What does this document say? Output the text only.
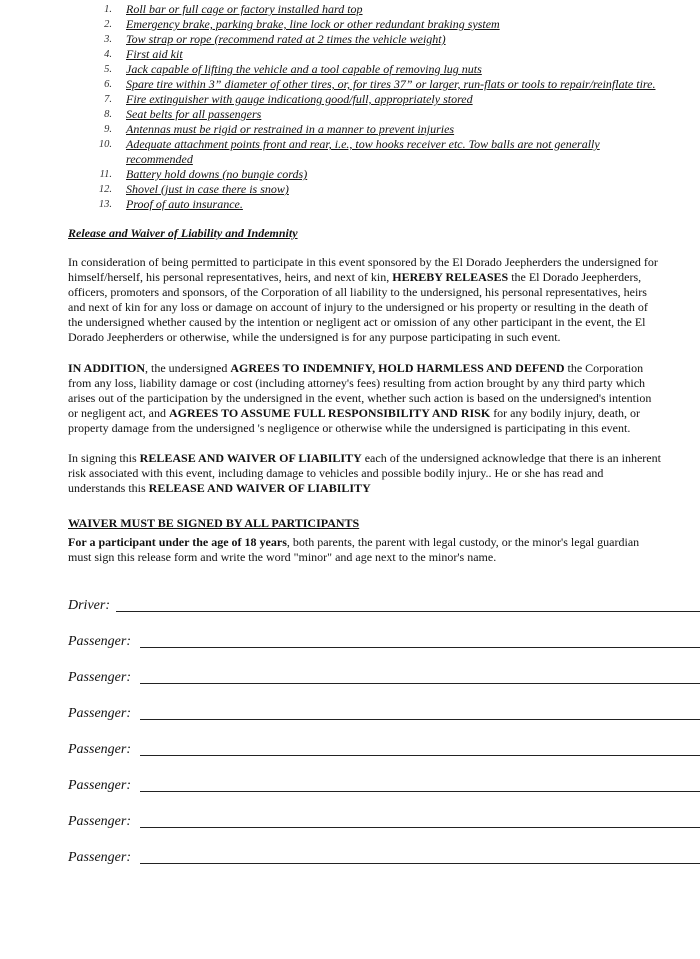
1. Roll bar or full cage or factory installed hard top
2. Emergency brake, parking brake, line lock or other redundant braking system
3. Tow strap or rope (recommend rated at 2 times the vehicle weight)
4. First aid kit
5. Jack capable of lifting the vehicle and a tool capable of removing lug nuts
6. Spare tire within 3” diameter of other tires, or, for tires 37” or larger, run-flats or tools to repair/reinflate tire.
7. Fire extinguisher with gauge indicationg good/full, appropriately stored
8. Seat belts for all passengers
9. Antennas must be rigid or restrained in a manner to prevent injuries
10. Adequate attachment points front and rear, i.e., tow hooks receiver etc. Tow balls are not generally recommended
11. Battery hold downs (no bungie cords)
12. Shovel (just in case there is snow)
13. Proof of auto insurance.
Release and Waiver of Liability and Indemnity
In consideration of being permitted to participate in this event sponsored by the El Dorado Jeepherders the undersigned for
himself/herself, his personal representatives, heirs, and next of kin, HEREBY RELEASES the El Dorado Jeepherders,
officers, promoters and sponsors, of the Corporation of all liability to the undersigned, his personal representatives, heirs
and next of kin for any loss or damage on account of injury to the undersigned or his property or resulting in the death of
the undersigned whether caused by the intention or negligent act or omission of any other participant in the event, the El
Dorado Jeepherders or otherwise, while the undersigned is for any purpose participating in such event.
IN ADDITION, the undersigned AGREES TO INDEMNIFY, HOLD HARMLESS AND DEFEND the Corporation
from any loss, liability damage or cost (including attorney's fees) resulting from action brought by any third party which
arises out of the participation by the undersigned in the event, whether such action is based on the undersigned's intention
or negligent act, and AGREES TO ASSUME FULL RESPONSIBILITY AND RISK for any bodily injury, death, or
property damage from the undersigned 's negligence or otherwise while the undersigned is participating in this event.
In signing this RELEASE AND WAIVER OF LIABILITY each of the undersigned acknowledge that there is an inherent
risk associated with this event, including damage to vehicles and possible bodily injury.. He or she has read and
understands this RELEASE AND WAIVER OF LIABILITY
WAIVER MUST BE SIGNED BY ALL PARTICIPANTS
For a participant under the age of 18 years, both parents, the parent with legal custody, or the minor's legal guardian
must sign this release form and write the word "minor" and age next to the minor's name.
Driver:
Passenger:
Passenger:
Passenger:
Passenger:
Passenger:
Passenger:
Passenger:
